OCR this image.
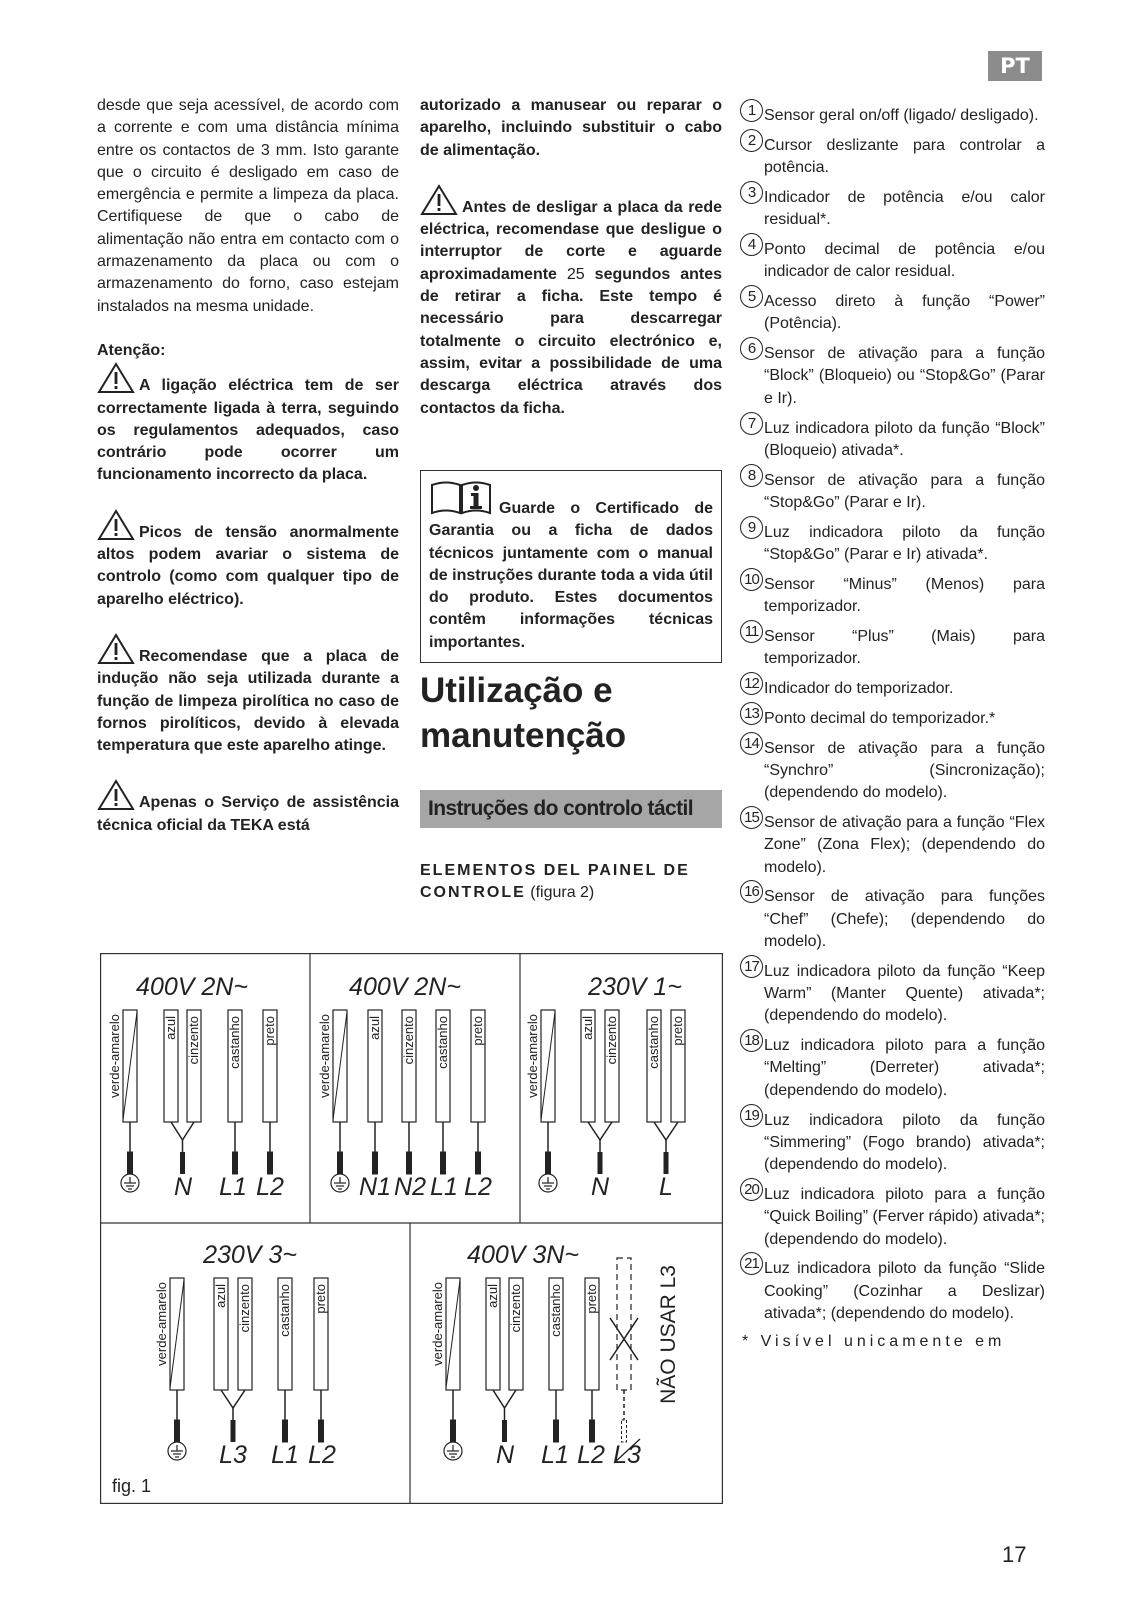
PT

desde que seja acessível, de acordo com a corrente e com uma distância mínima entre os contactos de 3 mm. Isto garante que o circuito é desligado em caso de emergência e permite a limpeza da placa. Certifiquese de que o cabo de alimentação não entra em contacto com o armazenamento da placa ou com o armazenamento do forno, caso estejam instalados na mesma unidade.

Atenção:

A ligação eléctrica tem de ser correctamente ligada à terra, seguindo os regulamentos adequados, caso contrário pode ocorrer um funcionamento incorrecto da placa.

Picos de tensão anormalmente altos podem avariar o sistema de controlo (como com qualquer tipo de aparelho eléctrico).

Recomendase que a placa de indução não seja utilizada durante a função de limpeza pirolítica no caso de fornos pirolíticos, devido à elevada temperatura que este aparelho atinge.

Apenas o Serviço de assistência técnica oficial da TEKA está

autorizado a manusear ou reparar o aparelho, incluindo substituir o cabo de alimentação.

Antes de desligar a placa da rede eléctrica, recomendase que desligue o interruptor de corte e aguarde aproximadamente 25 segundos antes de retirar a ficha. Este tempo é necessário para descarregar totalmente o circuito electrónico e, assim, evitar a possibilidade de uma descarga eléctrica através dos contactos da ficha.

Guarde o Certificado de Garantia ou a ficha de dados técnicos juntamente com o manual de instruções durante toda a vida útil do produto. Estes documentos contêm informações técnicas importantes.
Utilização e
manutenção
Instruções do controlo táctil
ELEMENTOS DEL PAINEL DE CONTROLE (figura 2)
1 Sensor geral on/off (ligado/ desligado).
2 Cursor deslizante para controlar a potência.
3 Indicador de potência e/ou calor residual*.
4 Ponto decimal de potência e/ou indicador de calor residual.
5 Acesso direto à função “Power” (Potência).
6 Sensor de ativação para a função “Block” (Bloqueio) ou “Stop&Go” (Parar e Ir).
7 Luz indicadora piloto da função “Block” (Bloqueio) ativada*.
8 Sensor de ativação para a função “Stop&Go” (Parar e Ir).
9 Luz indicadora piloto da função “Stop&Go” (Parar e Ir) ativada*.
10 Sensor “Minus” (Menos) para temporizador.
11 Sensor “Plus” (Mais) para temporizador.
12 Indicador do temporizador.
13 Ponto decimal do temporizador.*
14 Sensor de ativação para a função “Synchro” (Sincronização); (dependendo do modelo).
15 Sensor de ativação para a função “Flex Zone” (Zona Flex); (dependendo do modelo).
16 Sensor de ativação para funções “Chef” (Chefe); (dependendo do modelo).
17 Luz indicadora piloto da função “Keep Warm” (Manter Quente) ativada*; (dependendo do modelo).
18 Luz indicadora piloto para a função “Melting” (Derreter) ativada*; (dependendo do modelo).
19 Luz indicadora piloto da função “Simmering” (Fogo brando) ativada*; (dependendo do modelo).
20 Luz indicadora piloto para a função “Quick Boiling” (Ferver rápido) ativada*; (dependendo do modelo).
21 Luz indicadora piloto da função “Slide Cooking” (Cozinhar a Deslizar) ativada*; (dependendo do modelo).
* Visível unicamente em
400V 2N~
verde-amarelo	azul cinzento castanho preto
N L1 L2
400V 2N~
verde-amarelo	azul cinzento castanho preto
N1 N2 L1 L2
230V 1~
verde-amarelo	azul cinzento castanho preto
N L
230V 3~
verde-amarelo	azul cinzento castanho preto
L3 L1 L2
400V 3N~
verde-amarelo	azul cinzento castanho preto
N L1 L2 L3
NÃO USAR L3
fig. 1
17
